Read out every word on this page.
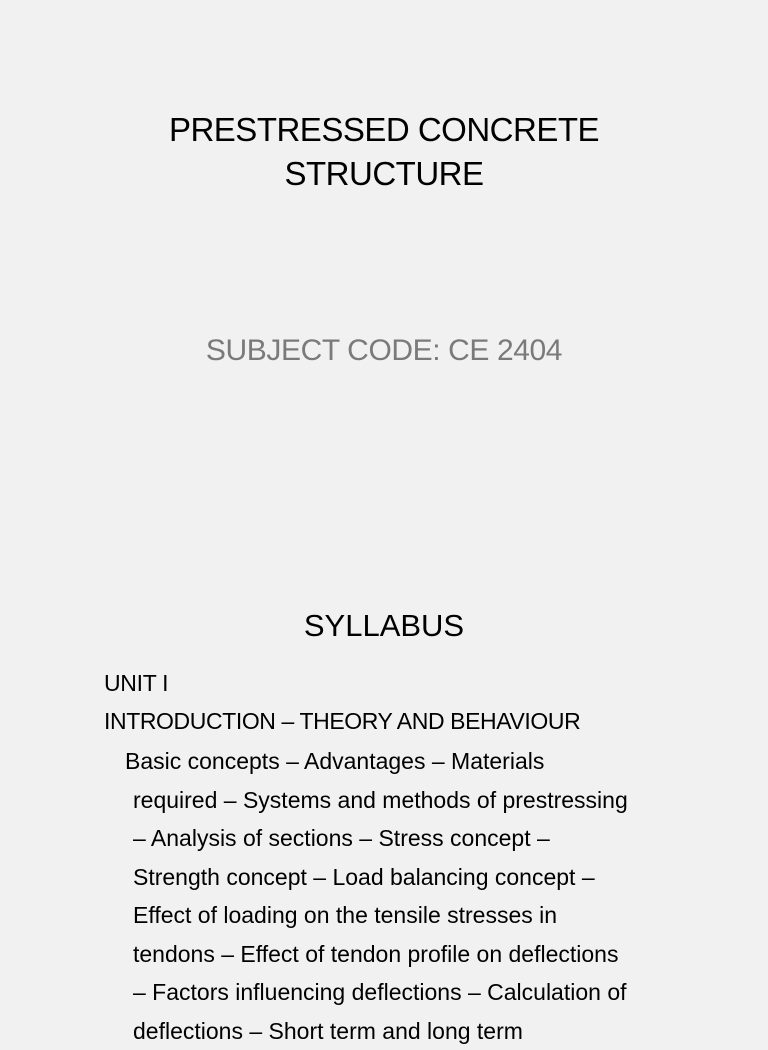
PRESTRESSED CONCRETE
STRUCTURE
SUBJECT CODE: CE 2404
SYLLABUS
UNIT I
INTRODUCTION – THEORY AND BEHAVIOUR
Basic concepts – Advantages – Materials
required – Systems and methods of prestressing
– Analysis of sections – Stress concept –
Strength concept – Load balancing concept –
Effect of loading on the tensile stresses in
tendons – Effect of tendon profile on deflections
– Factors influencing deflections – Calculation of
deflections – Short term and long term
